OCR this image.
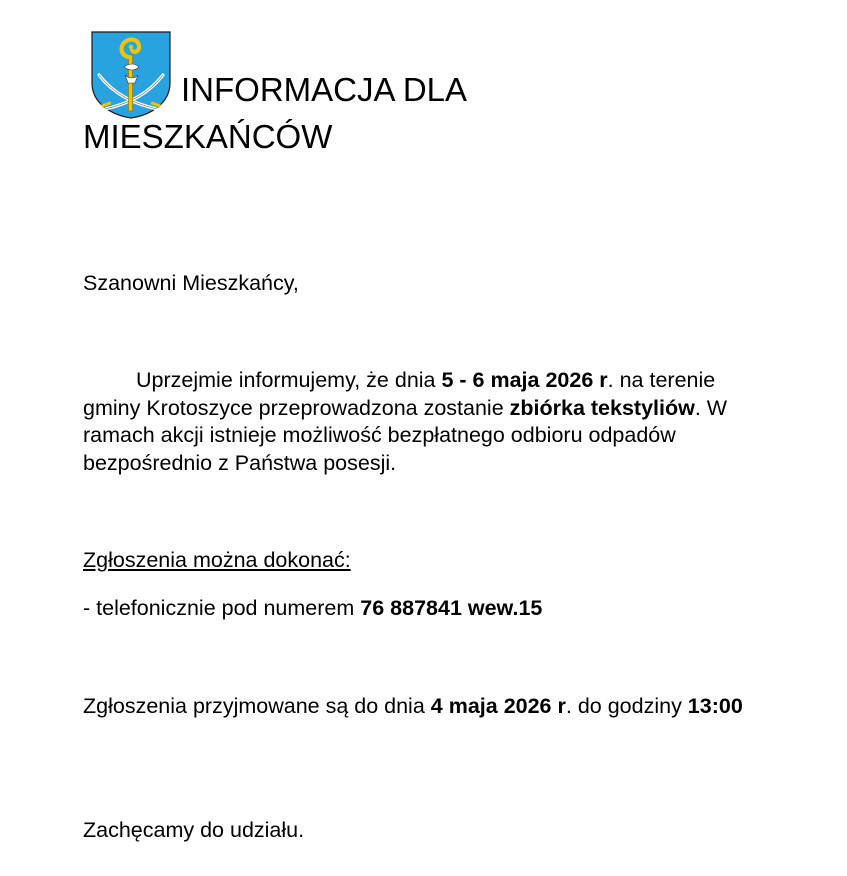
INFORMACJA DLA
MIESZKAŃCÓW

Szanowni Mieszkańcy,

Uprzejmie informujemy, że dnia 5 - 6 maja 2026 r. na terenie gminy Krotoszyce przeprowadzona zostanie zbiórka tekstyliów. W ramach akcji istnieje możliwość bezpłatnego odbioru odpadów bezpośrednio z Państwa posesji.

Zgłoszenia można dokonać:

- telefonicznie pod numerem 76 887841 wew.15

Zgłoszenia przyjmowane są do dnia 4 maja 2026 r. do godziny 13:00

Zachęcamy do udziału.
